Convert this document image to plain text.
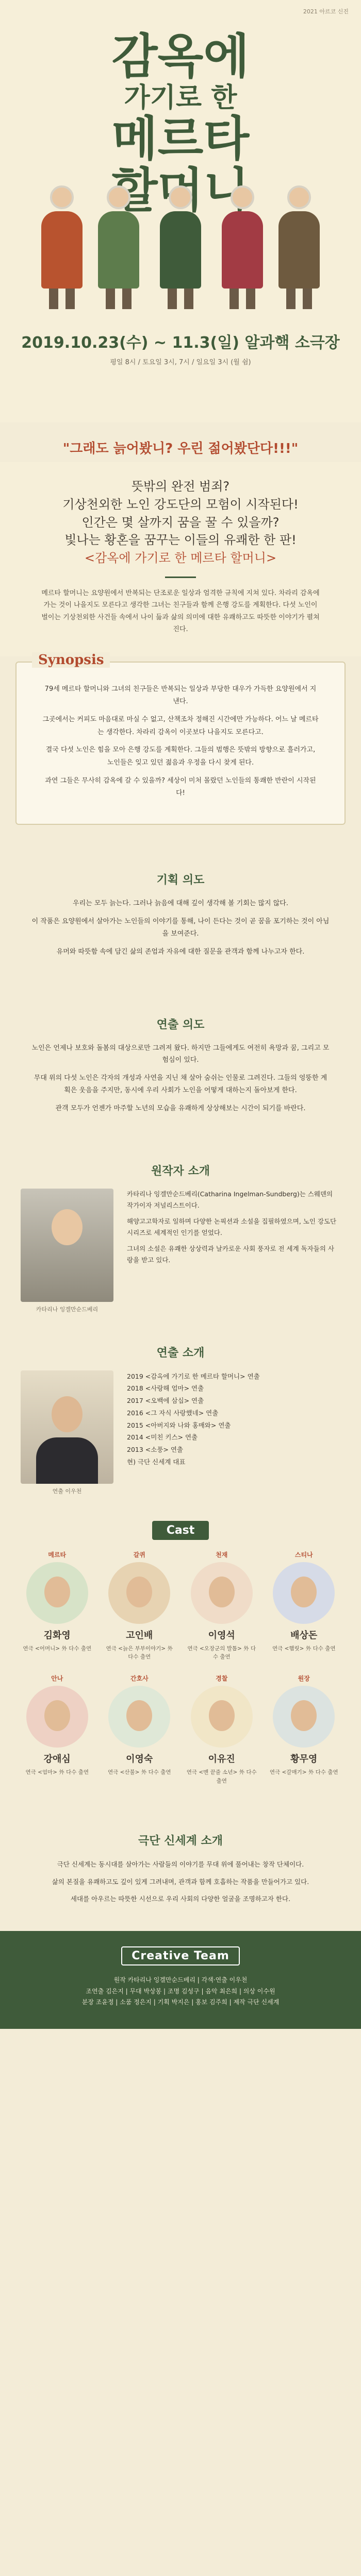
2021 아르코 신진
감옥에
가기로 한
메르타
2019.10.23(수) ~ 11.3(일) 알과핵 소극장
평일 8시 / 토요일 3시, 7시 / 일요일 3시 (월 쉼)
"그래도 늙어봤니? 우린 젊어봤단다!!!"
뜻밖의 완전 범죄?
기상천외한 노인 강도단의 모험이 시작된다!
인간은 몇 살까지 꿈을 꿀 수 있을까?
빛나는 황혼을 꿈꾸는 이들의 유쾌한 한 판!
<감옥에 가기로 한 메르타 할머니>

메르타 할머니는 요양원에서 반복되는 단조로운 일상과 엄격한 규칙에 지쳐 있다. 차라리 감옥에 가는 것이 나을지도 모른다고 생각한 그녀는 친구들과 함께 은행 강도를 계획한다. 다섯 노인이 벌이는 기상천외한 사건들 속에서 나이 듦과 삶의 의미에 대한 유쾌하고도 따뜻한 이야기가 펼쳐진다.

Synopsis

79세 메르타 할머니와 그녀의 친구들은 반복되는 일상과 부당한 대우가 가득한 요양원에서 지낸다.

그곳에서는 커피도 마음대로 마실 수 없고, 산책조차 정해진 시간에만 가능하다. 어느 날 메르타는 생각한다. 차라리 감옥이 이곳보다 나을지도 모른다고.

결국 다섯 노인은 힘을 모아 은행 강도를 계획한다. 그들의 범행은 뜻밖의 방향으로 흘러가고, 노인들은 잊고 있던 젊음과 우정을 다시 찾게 된다.

과연 그들은 무사히 감옥에 갈 수 있을까? 세상이 미처 몰랐던 노인들의 통쾌한 반란이 시작된다!

기획 의도

우리는 모두 늙는다. 그러나 늙음에 대해 깊이 생각해 볼 기회는 많지 않다.

이 작품은 요양원에서 살아가는 노인들의 이야기를 통해, 나이 든다는 것이 곧 꿈을 포기하는 것이 아님을 보여준다.

유머와 따뜻함 속에 담긴 삶의 존엄과 자유에 대한 질문을 관객과 함께 나누고자 한다.

연출 의도

노인은 언제나 보호와 돌봄의 대상으로만 그려져 왔다. 하지만 그들에게도 여전히 욕망과 꿈, 그리고 모험심이 있다.

무대 위의 다섯 노인은 각자의 개성과 사연을 지닌 채 살아 숨쉬는 인물로 그려진다. 그들의 엉뚱한 계획은 웃음을 주지만, 동시에 우리 사회가 노인을 어떻게 대하는지 돌아보게 한다.

관객 모두가 언젠가 마주할 노년의 모습을 유쾌하게 상상해보는 시간이 되기를 바란다.

원작자 소개
카타리나 잉겔만순드베리

카타리나 잉겔만순드베리(Catharina Ingelman-Sundberg)는 스웨덴의 작가이자 저널리스트이다.

해양고고학자로 일하며 다양한 논픽션과 소설을 집필하였으며, 노인 강도단 시리즈로 세계적인 인기를 얻었다.

그녀의 소설은 유쾌한 상상력과 날카로운 사회 풍자로 전 세계 독자들의 사랑을 받고 있다.

연출 소개
연출 이우천
2019 <감옥에 가기로 한 메르타 할머니> 연출
2018 <사랑해 엄마> 연출
2017 <오백에 삼십> 연출
2016 <그 자식 사랑했네> 연출
2015 <아버지와 나와 홍매와> 연출
2014 <미친 키스> 연출
2013 <소풍> 연출
현) 극단 신세계 대표
Cast
메르타
김화영
연극 <어머니> 外 다수 출연
갈퀴
고인배
연극 <늙은 부부이야기> 外 다수 출연
천재
이영석
연극 <오장군의 발톱> 外 다수 출연
스티나
배상돈
연극 <햄릿> 外 다수 출연
안나
강애심
연극 <엄마> 外 다수 출연
간호사
이영숙
연극 <산불> 外 다수 출연
경찰
이유진
연극 <맨 끝줄 소년> 外 다수 출연
원장
황무영
연극 <갈매기> 外 다수 출연
극단 신세계 소개

극단 신세계는 동시대를 살아가는 사람들의 이야기를 무대 위에 풀어내는 창작 단체이다.

삶의 본질을 유쾌하고도 깊이 있게 그려내며, 관객과 함께 호흡하는 작품을 만들어가고 있다.

세대를 아우르는 따뜻한 시선으로 우리 사회의 다양한 얼굴을 조명하고자 한다.

Creative Team

원작 카타리나 잉겔만순드베리 | 각색·연출 이우천

조연출 김은지 | 무대 박상봉 | 조명 김성구 | 음악 최은희 | 의상 이수원

분장 조윤정 | 소품 정은지 | 기획 박지은 | 홍보 김주희 | 제작 극단 신세계
